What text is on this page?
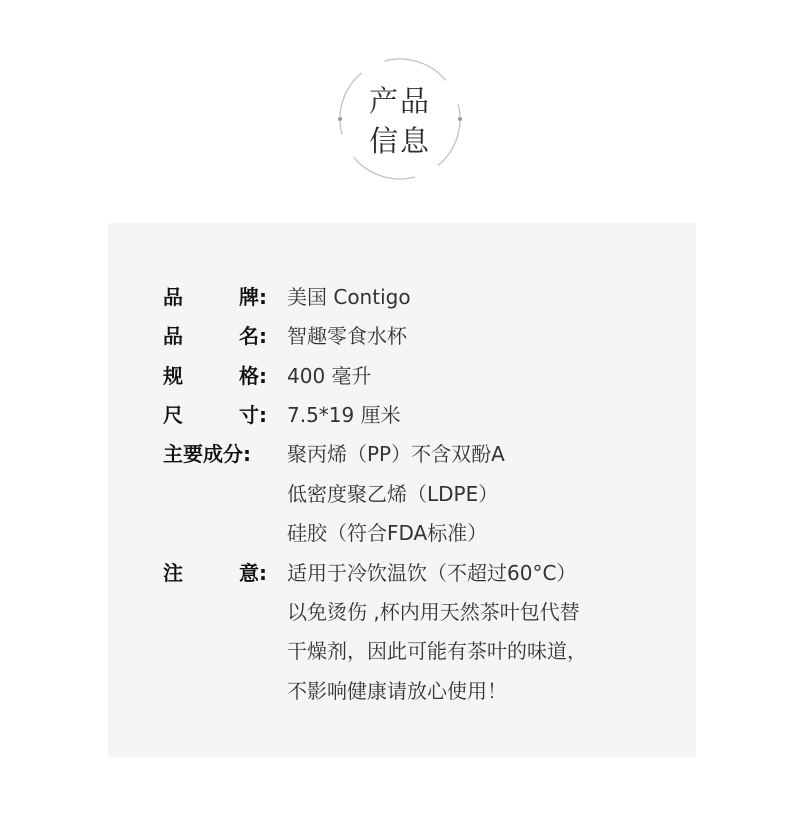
产品
信息
品	牌: 美国 Contigo
品	名: 智趣零食水杯
规	格: 400 毫升
尺	寸: 7.5*19 厘米
主要成分:	聚丙烯（PP）不含双酚A
低密度聚乙烯（LDPE）
硅胶（符合FDA标准）
注	意: 适用于冷饮温饮（不超过60°C）
以免烫伤 ,杯内用天然茶叶包代替
干燥剂，因此可能有茶叶的味道，
不影响健康请放心使用！
